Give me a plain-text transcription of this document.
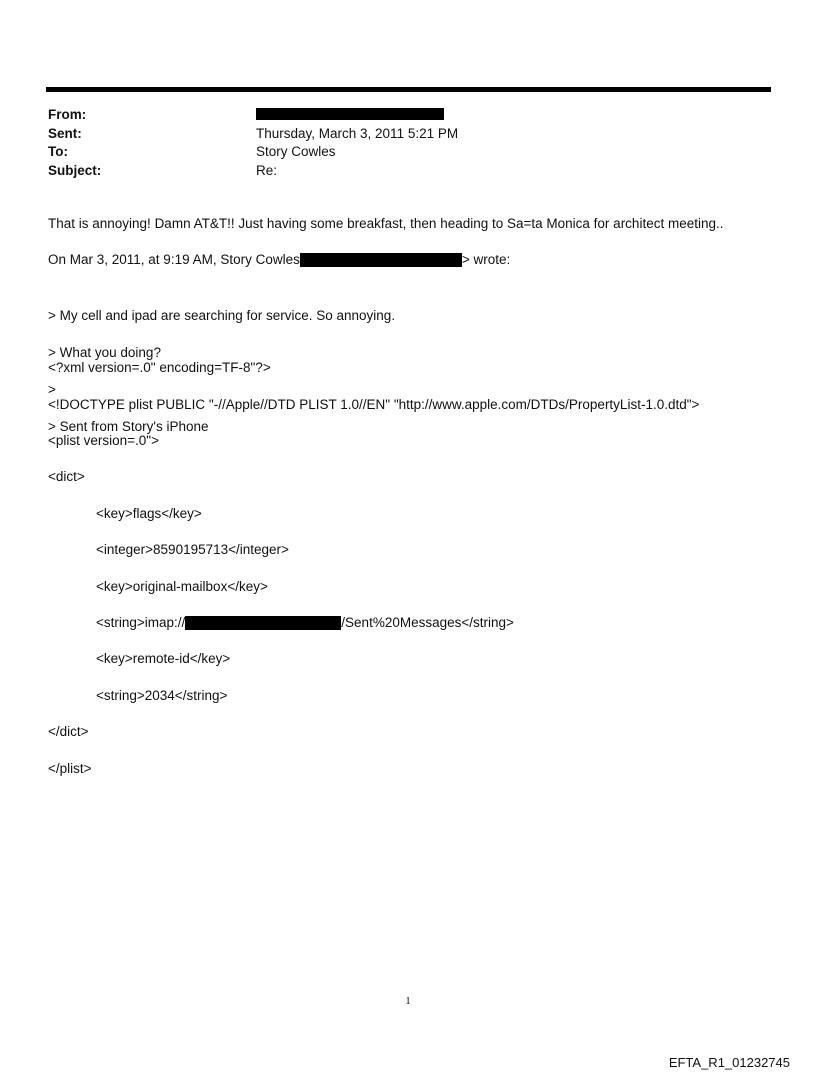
From:
Sent:	Thursday, March 3, 2011 5:21 PM
To:	Story Cowles
Subject:	Re:
That is annoying! Damn AT&T!! Just having some breakfast, then heading to Sa=ta Monica for architect meeting..
On Mar 3, 2011, at 9:19 AM, Story Cowles	> wrote:

> My cell and ipad are searching for service. So annoying.

> What you doing?

>

> Sent from Story's iPhone

<?xml version=.0" encoding=TF-8"?>

<!DOCTYPE plist PUBLIC "-//Apple//DTD PLIST 1.0//EN" "http://www.apple.com/DTDs/PropertyList-1.0.dtd">

<plist version=.0">

<dict>

<key>flags</key>

<integer>8590195713</integer>

<key>original-mailbox</key>

<string>imap://	/Sent%20Messages</string>

<key>remote-id</key>

<string>2034</string>

</dict>

</plist>

1
EFTA_R1_01232745
